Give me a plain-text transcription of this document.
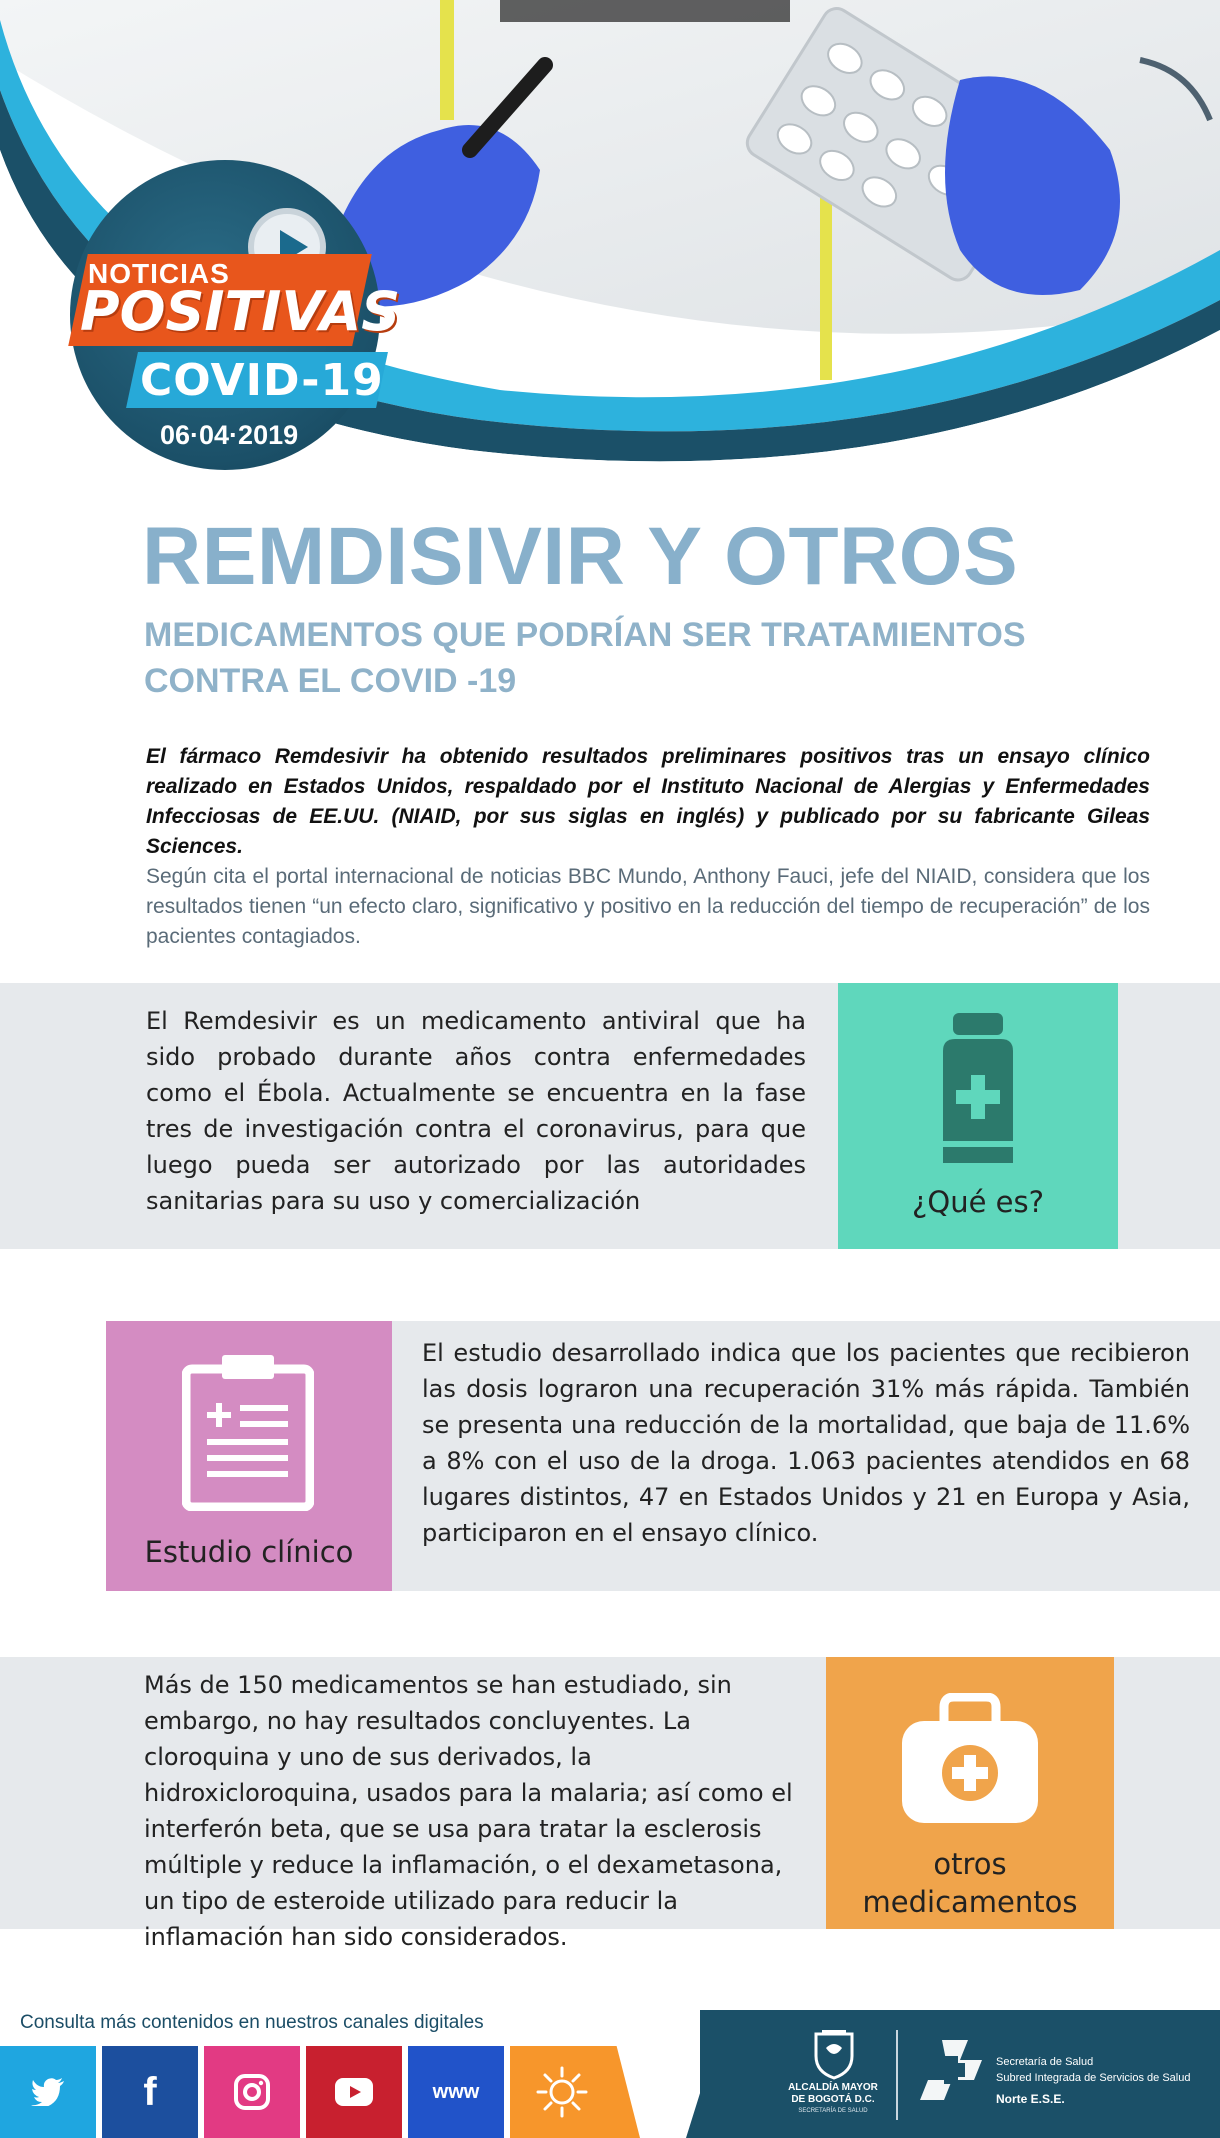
NOTICIAS
POSITIVAS
COVID-19
06·04·2019
REMDISIVIR Y OTROS
MEDICAMENTOS QUE PODRÍAN SER TRATAMIENTOS CONTRA EL COVID -19

El fármaco Remdesivir ha obtenido resultados preliminares positivos tras un ensayo clínico realizado en Estados Unidos, respaldado por el Instituto Nacional de Alergias y Enfermedades Infecciosas de EE.UU. (NIAID, por sus siglas en inglés) y publicado por su fabricante Gileas Sciences.

Según cita el portal internacional de noticias BBC Mundo, Anthony Fauci, jefe del NIAID, considera que los resultados tienen “un efecto claro, significativo y positivo en la reducción del tiempo de recuperación” de los pacientes contagiados.

El Remdesivir es un medicamento antiviral que ha sido probado durante años contra enfermedades como el Ébola. Actualmente se encuentra en la fase tres de investigación contra el coronavirus, para que luego pueda ser autorizado por las autoridades sanitarias para su uso y comercialización	¿Qué es?

El estudio desarrollado indica que los pacientes que recibieron las dosis lograron una recuperación 31% más rápida. También se presenta una reducción de la mortalidad, que baja de 11.6% a 8% con el uso de la droga. 1.063 pacientes atendidos en 68 lugares distintos, 47 en Estados Unidos y 21 en Europa y Asia, participaron en el ensayo clínico.

Estudio clínico

Más de 150 medicamentos se han estudiado, sin embargo, no hay resultados concluyentes. La cloroquina y uno de sus derivados, la hidroxicloroquina, usados para la malaria; así como el interferón beta, que se usa para tratar la esclerosis múltiple y reduce la inflamación, o el dexametasona, un tipo de esteroide utilizado para reducir la inflamación han sido considerados.

otros medicamentos
Consulta más contenidos en nuestros canales digitales
f	www	ALCALDÍA MAYOR DE BOGOTÁ D.C.
SECRETARÍA DE SALUD
Secretaría de Salud
Subred Integrada de Servicios de Salud
Norte E.S.E.
